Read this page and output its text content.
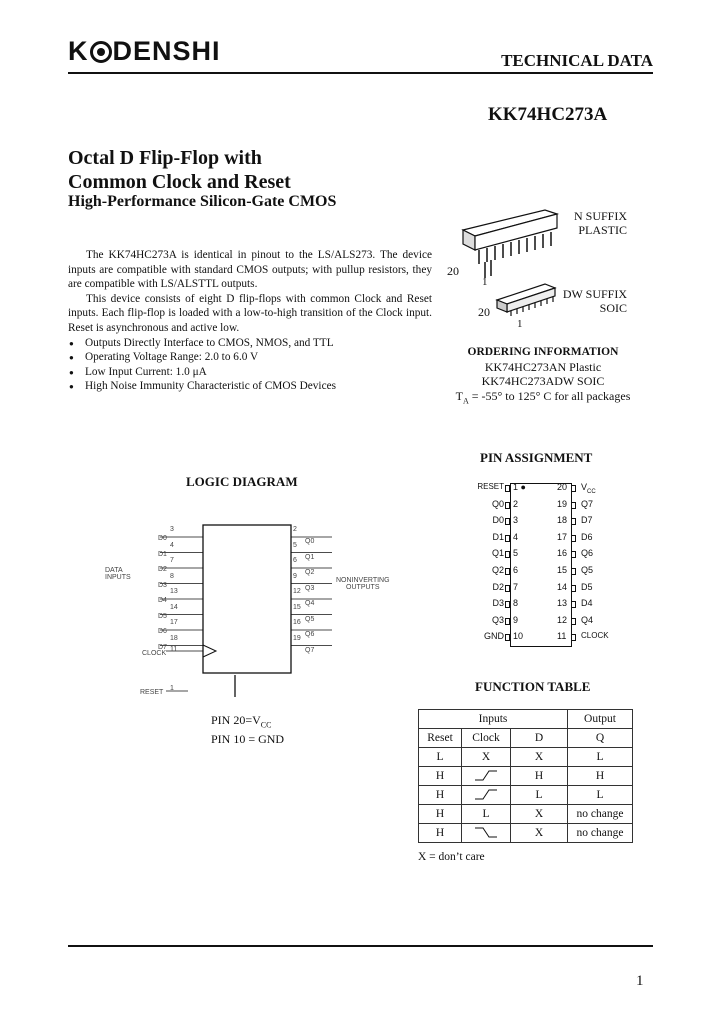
K DENSHI	TECHNICAL DATA
KK74HC273A
Octal D Flip-Flop with
Common Clock and Reset
High-Performance Silicon-Gate CMOS

The KK74HC273A is identical in pinout to the LS/ALS273. The device inputs are compatible with standard CMOS outputs; with pullup resistors, they are compatible with LS/ALSTTL outputs.

This device consists of eight D flip-flops with common Clock and Reset inputs. Each flip-flop is loaded with a low-to-high transition of the Clock input. Reset is asynchronous and active low.

● Outputs Directly Interface to CMOS, NMOS, and TTL
● Operating Voltage Range: 2.0 to 6.0 V
● Low Input Current: 1.0 μA
● High Noise Immunity Characteristic of CMOS Devices
N SUFFIX
PLASTIC
20
1
DW SUFFIX
SOIC
20
1
ORDERING INFORMATION
KK74HC273AN Plastic
KK74HC273ADW SOIC
$T_A = -55^\circ$ to 125° C for all packages
LOGIC DIAGRAM
DATA
INPUTS	NONINVERTING
OUTPUTS
CLOCK
11
RESET
1
D0
3	2
Q0
D1
4	5
Q1
D2
7	6
Q2
D3
8	9
Q3
D4
13	12
Q4
D5
14	15
Q5
D6
17	16
Q6
D7
18	19
Q7
PIN $20=V_{CC}$
PIN 10 = GND
PIN ASSIGNMENT
RESET 1 ●	20 $V_{CC}$
Q0 2	19 Q7
D0 3	18 D7
D1 4	17 D6
Q1 5	16 Q6
Q2 6	15 Q5
D2 7	14 D5
D3 8	13 D4
Q3 9	12 Q4
GND 10	11 CLOCK
FUNCTION TABLE
Inputs			Output
Reset	Clock	D	Q
L	X	X	L
H		H	H
H		L	L
H	L	X	no change
H		X	no change
X = don’t care
1
